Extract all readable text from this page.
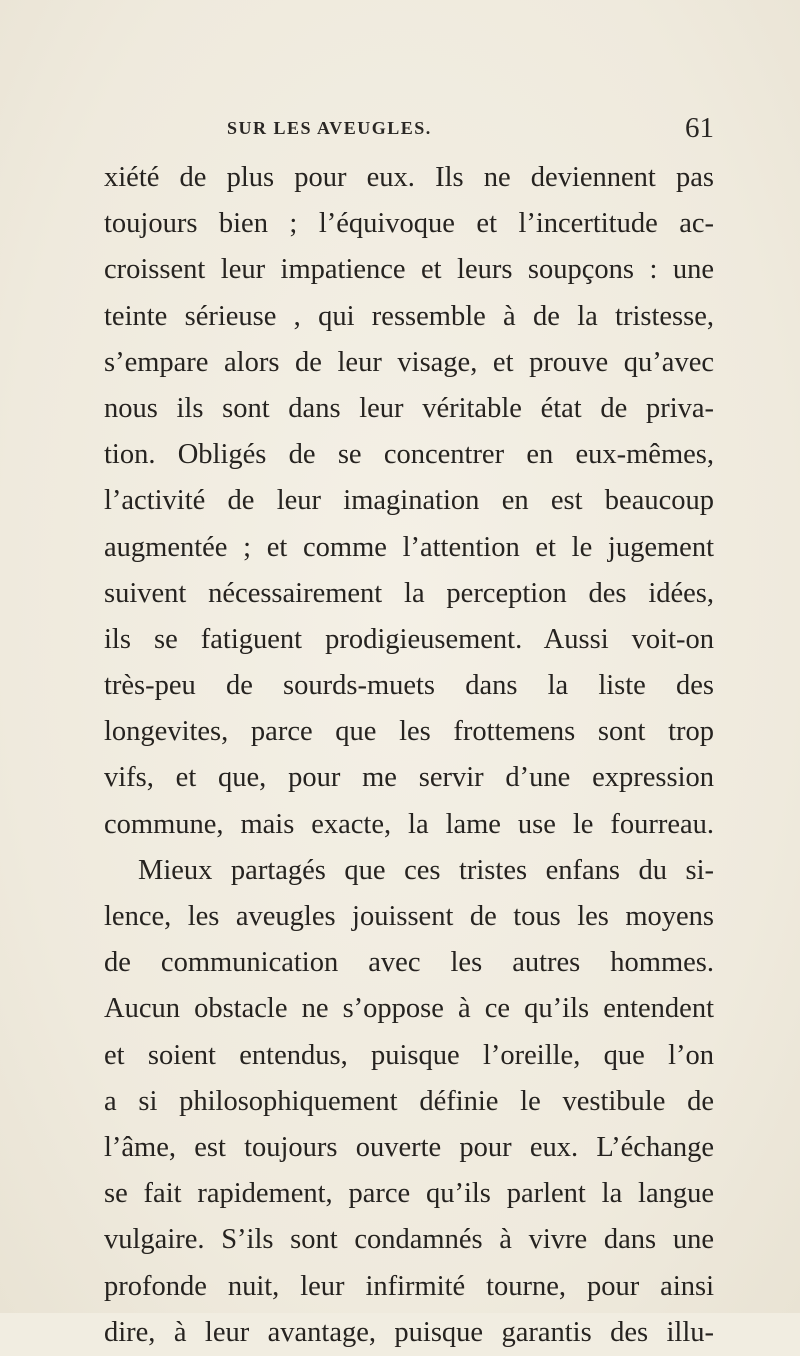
SUR LES AVEUGLES.	61
xiété de plus pour eux. Ils ne deviennent pas
toujours bien ; l’équivoque et l’incertitude ac-
croissent leur impatience et leurs soupçons : une
teinte sérieuse , qui ressemble à de la tristesse,
s’empare alors de leur visage, et prouve qu’avec
nous ils sont dans leur véritable état de priva-
tion. Obligés de se concentrer en eux-mêmes,
l’activité de leur imagination en est beaucoup
augmentée ; et comme l’attention et le jugement
suivent nécessairement la perception des idées,
ils se fatiguent prodigieusement. Aussi voit-on
très-peu de sourds-muets dans la liste des
longevites, parce que les frottemens sont trop
vifs, et que, pour me servir d’une expression
commune, mais exacte, la lame use le fourreau.
Mieux partagés que ces tristes enfans du si-
lence, les aveugles jouissent de tous les moyens
de communication avec les autres hommes.
Aucun obstacle ne s’oppose à ce qu’ils entendent
et soient entendus, puisque l’oreille, que l’on
a si philosophiquement définie le vestibule de
l’âme, est toujours ouverte pour eux. L’échange
se fait rapidement, parce qu’ils parlent la langue
vulgaire. S’ils sont condamnés à vivre dans une
profonde nuit, leur infirmité tourne, pour ainsi
dire, à leur avantage, puisque garantis des illu-
